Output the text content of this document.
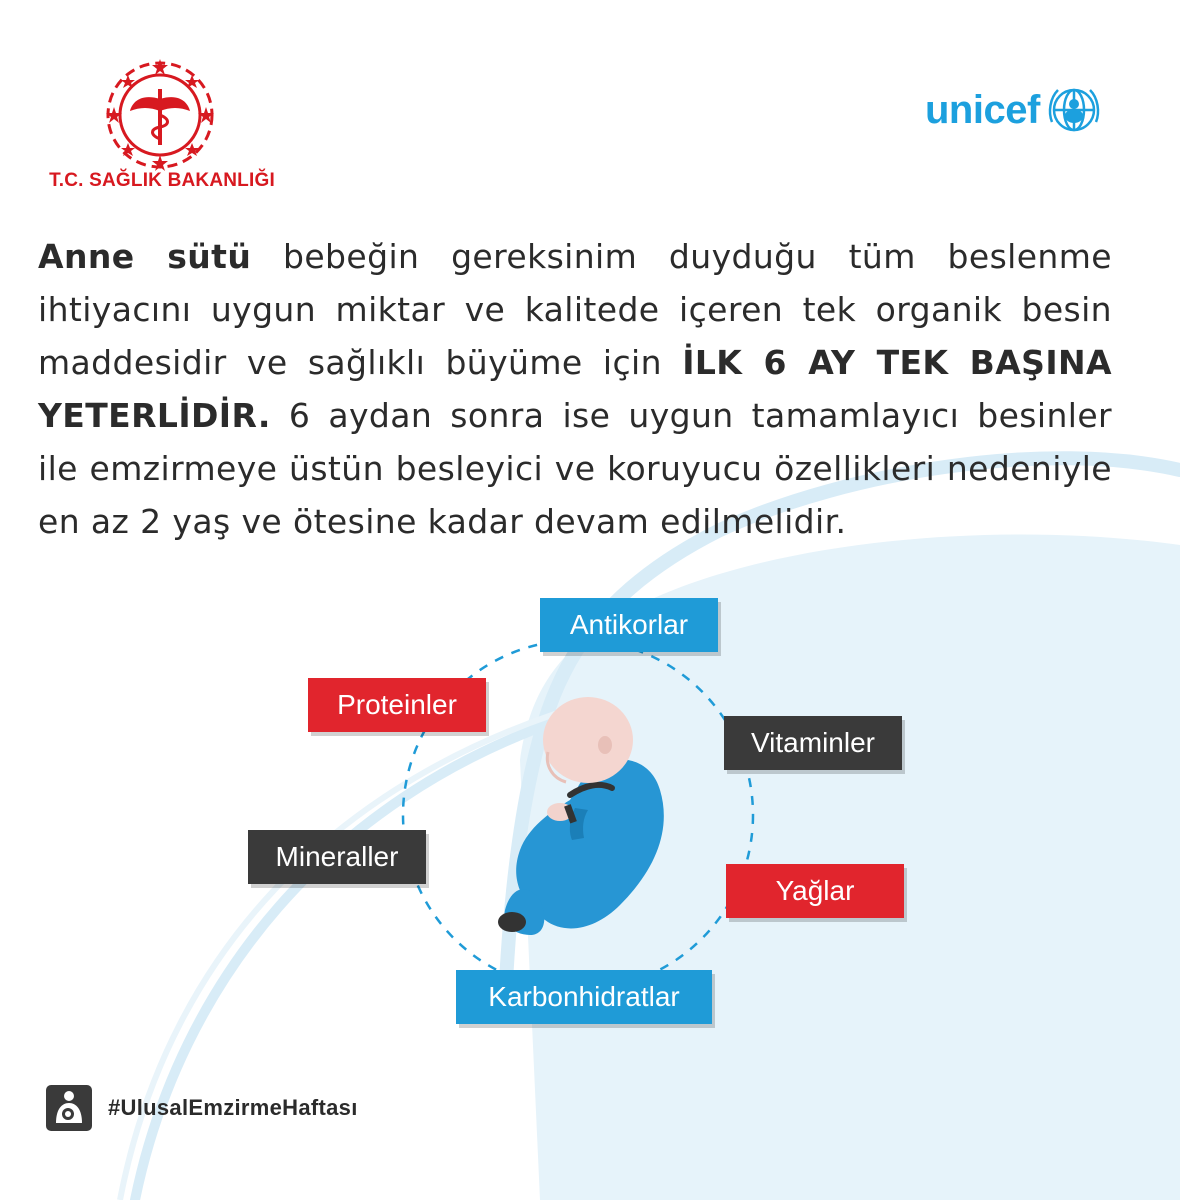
T.C. SAĞLIK BAKANLIĞI
unicef

Anne sütü bebeğin gereksinim duyduğu tüm beslenme ihtiyacını uygun miktar ve kalitede içeren tek organik besin maddesidir ve sağlıklı büyüme için İLK 6 AY TEK BAŞINA YETERLİDİR. 6 aydan sonra ise uygun tamamlayıcı besinler ile emzirmeye üstün besleyici ve koruyucu özellikleri nedeniyle en az 2 yaş ve ötesine kadar devam edilmelidir.

Antikorlar
Proteinler
Vitaminler
Mineraller
Yağlar
Karbonhidratlar
#UlusalEmzirmeHaftası
